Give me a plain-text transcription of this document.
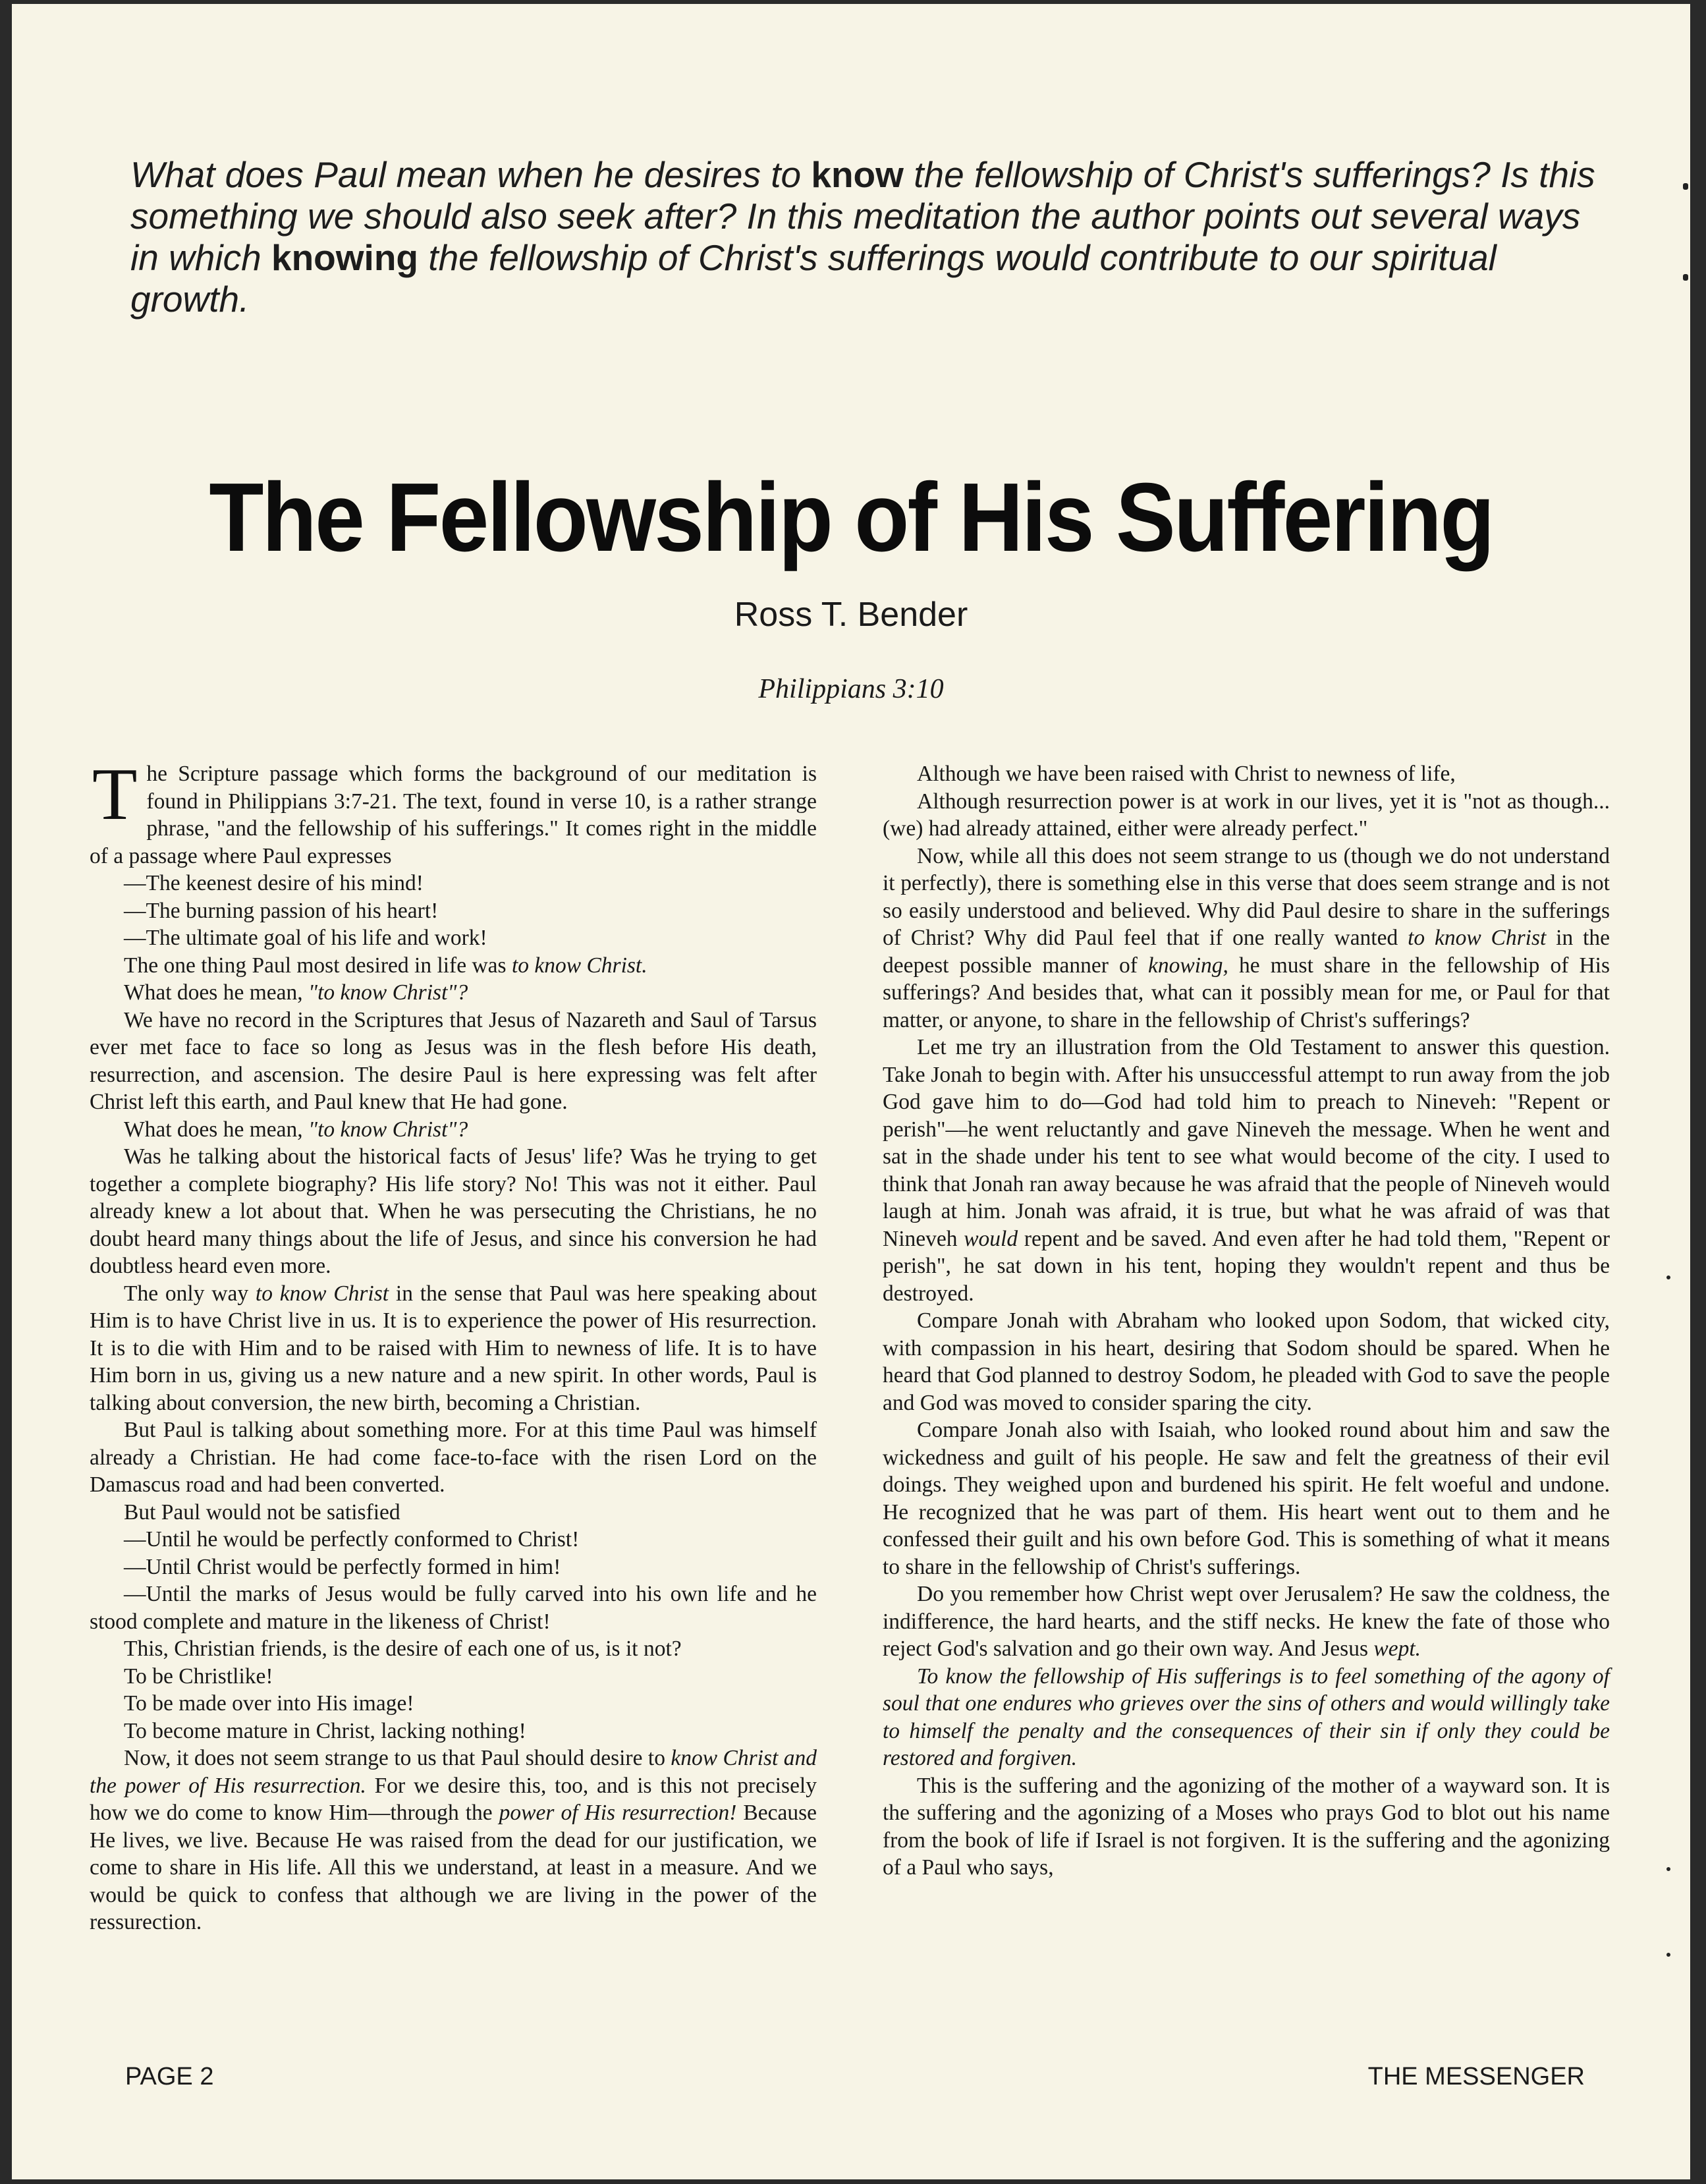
What does Paul mean when he desires to know the fellowship of Christ's sufferings? Is this something we should also seek after? In this meditation the author points out several ways in which knowing the fellowship of Christ's sufferings would contribute to our spiritual growth.

The Fellowship of His Suffering
Ross T. Bender
Philippians 3:10

The Scripture passage which forms the background of our meditation is found in Philippians 3:7-21. The text, found in verse 10, is a rather strange phrase, "and the fellowship of his sufferings." It comes right in the middle of a passage where Paul expresses

—The keenest desire of his mind!

—The burning passion of his heart!

—The ultimate goal of his life and work!

The one thing Paul most desired in life was to know Christ.

What does he mean, "to know Christ"?

We have no record in the Scriptures that Jesus of Nazareth and Saul of Tarsus ever met face to face so long as Jesus was in the flesh before His death, resurrection, and ascension. The desire Paul is here expressing was felt after Christ left this earth, and Paul knew that He had gone.

What does he mean, "to know Christ"?

Was he talking about the historical facts of Jesus' life? Was he trying to get together a complete biography? His life story? No! This was not it either. Paul already knew a lot about that. When he was persecuting the Christians, he no doubt heard many things about the life of Jesus, and since his conversion he had doubtless heard even more.

The only way to know Christ in the sense that Paul was here speaking about Him is to have Christ live in us. It is to experience the power of His resurrection. It is to die with Him and to be raised with Him to newness of life. It is to have Him born in us, giving us a new nature and a new spirit. In other words, Paul is talking about conversion, the new birth, becoming a Christian.

But Paul is talking about something more. For at this time Paul was himself already a Christian. He had come face-to-face with the risen Lord on the Damascus road and had been converted.

But Paul would not be satisfied

—Until he would be perfectly conformed to Christ!

—Until Christ would be perfectly formed in him!

—Until the marks of Jesus would be fully carved into his own life and he stood complete and mature in the likeness of Christ!

This, Christian friends, is the desire of each one of us, is it not?

To be Christlike!

To be made over into His image!

To become mature in Christ, lacking nothing!

Now, it does not seem strange to us that Paul should desire to know Christ and the power of His resurrection. For we desire this, too, and is this not precisely how we do come to know Him—through the power of His resurrection! Because He lives, we live. Because He was raised from the dead for our justification, we come to share in His life. All this we understand, at least in a measure. And we would be quick to confess that although we are living in the power of the ressurection.

Although we have been raised with Christ to newness of life,

Although resurrection power is at work in our lives, yet it is "not as though...(we) had already attained, either were already perfect."

Now, while all this does not seem strange to us (though we do not understand it perfectly), there is something else in this verse that does seem strange and is not so easily understood and believed. Why did Paul desire to share in the sufferings of Christ? Why did Paul feel that if one really wanted to know Christ in the deepest possible manner of knowing, he must share in the fellowship of His sufferings? And besides that, what can it possibly mean for me, or Paul for that matter, or anyone, to share in the fellowship of Christ's sufferings?

Let me try an illustration from the Old Testament to answer this question. Take Jonah to begin with. After his unsuccessful attempt to run away from the job God gave him to do—God had told him to preach to Nineveh: "Repent or perish"—he went reluctantly and gave Nineveh the message. When he went and sat in the shade under his tent to see what would become of the city. I used to think that Jonah ran away because he was afraid that the people of Nineveh would laugh at him. Jonah was afraid, it is true, but what he was afraid of was that Nineveh would repent and be saved. And even after he had told them, "Repent or perish", he sat down in his tent, hoping they wouldn't repent and thus be destroyed.

Compare Jonah with Abraham who looked upon Sodom, that wicked city, with compassion in his heart, desiring that Sodom should be spared. When he heard that God planned to destroy Sodom, he pleaded with God to save the people and God was moved to consider sparing the city.

Compare Jonah also with Isaiah, who looked round about him and saw the wickedness and guilt of his people. He saw and felt the greatness of their evil doings. They weighed upon and burdened his spirit. He felt woeful and undone. He recognized that he was part of them. His heart went out to them and he confessed their guilt and his own before God. This is something of what it means to share in the fellowship of Christ's sufferings.

Do you remember how Christ wept over Jerusalem? He saw the coldness, the indifference, the hard hearts, and the stiff necks. He knew the fate of those who reject God's salvation and go their own way. And Jesus wept.

To know the fellowship of His sufferings is to feel something of the agony of soul that one endures who grieves over the sins of others and would willingly take to himself the penalty and the consequences of their sin if only they could be restored and forgiven.

This is the suffering and the agonizing of the mother of a wayward son. It is the suffering and the agonizing of a Moses who prays God to blot out his name from the book of life if Israel is not forgiven. It is the suffering and the agonizing of a Paul who says,

PAGE 2	THE MESSENGER
